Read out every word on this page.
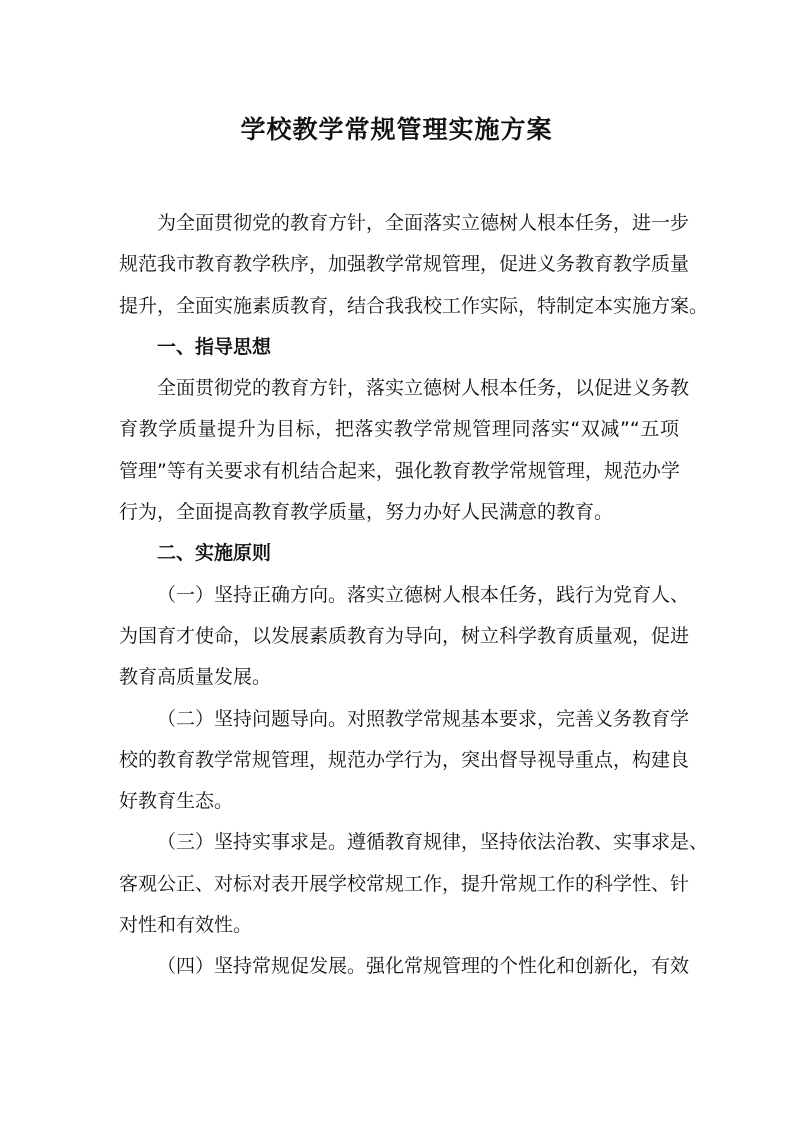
学校教学常规管理实施方案
为全面贯彻党的教育方针，全面落实立德树人根本任务，进一步
规范我市教育教学秩序，加强教学常规管理，促进义务教育教学质量
提升，全面实施素质教育，结合我我校工作实际，特制定本实施方案。
一、指导思想
全面贯彻党的教育方针，落实立德树人根本任务，以促进义务教
育教学质量提升为目标，把落实教学常规管理同落实“双减”“五项
管理”等有关要求有机结合起来，强化教育教学常规管理，规范办学
行为，全面提高教育教学质量，努力办好人民满意的教育。
二、实施原则
（一）坚持正确方向。落实立德树人根本任务，践行为党育人、
为国育才使命，以发展素质教育为导向，树立科学教育质量观，促进
教育高质量发展。
（二）坚持问题导向。对照教学常规基本要求，完善义务教育学
校的教育教学常规管理，规范办学行为，突出督导视导重点，构建良
好教育生态。
（三）坚持实事求是。遵循教育规律，坚持依法治教、实事求是、
客观公正、对标对表开展学校常规工作，提升常规工作的科学性、针
对性和有效性。
（四）坚持常规促发展。强化常规管理的个性化和创新化，有效
